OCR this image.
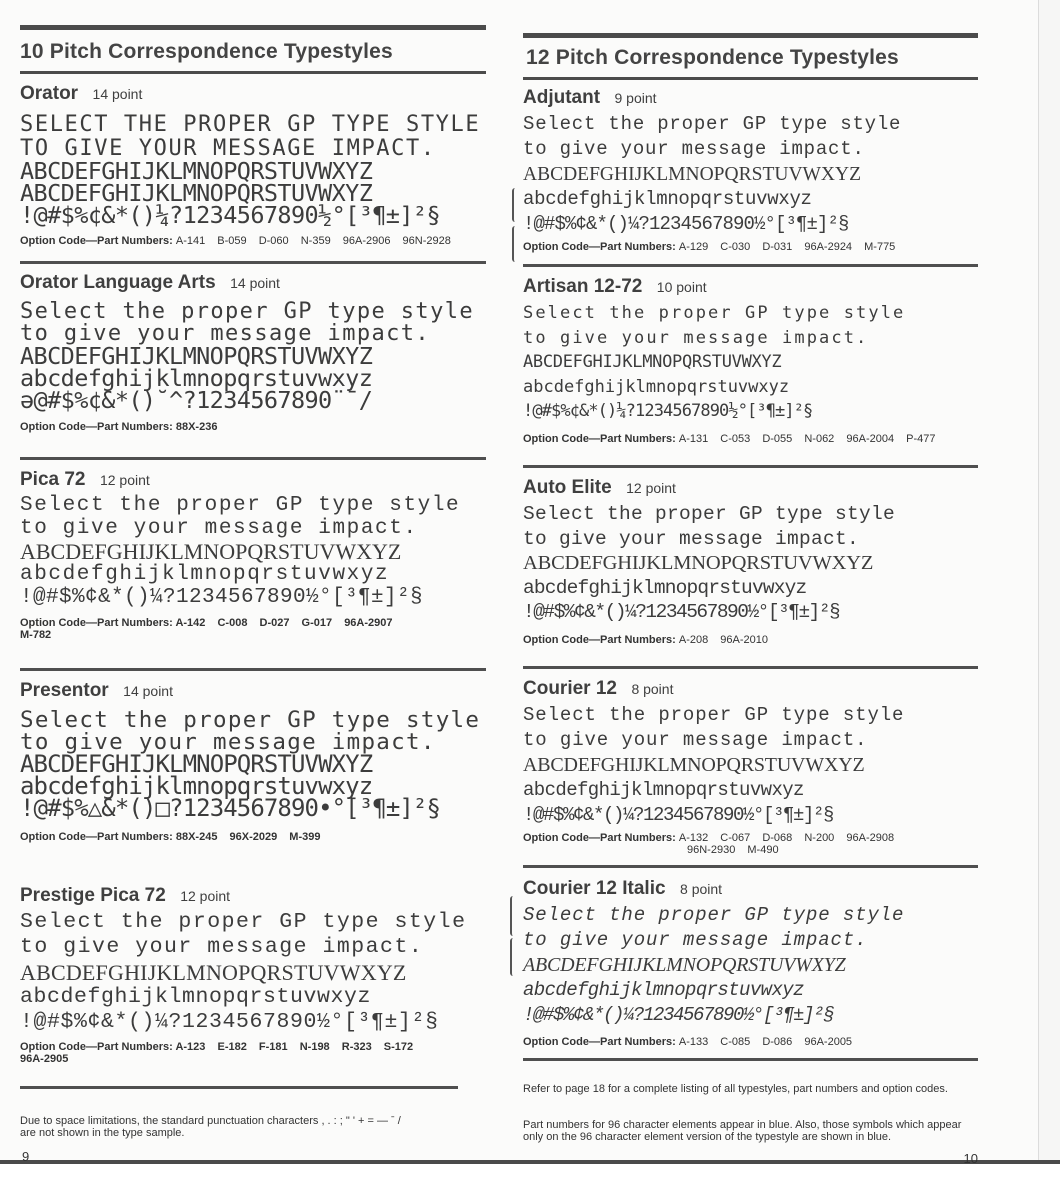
10 Pitch Correspondence Typestyles
Orator 14 point
SELECT THE PROPER GP TYPE STYLE
TO GIVE YOUR MESSAGE IMPACT.
ABCDEFGHIJKLMNOPQRSTUVWXYZ
ABCDEFGHIJKLMNOPQRSTUVWXYZ
!@#$%¢&*()¼?1234567890½°[³¶±]²§
Option Code—Part Numbers: A-141 B-059 D-060 N-359 96A-2906 96N-2928
Orator Language Arts 14 point
Select the proper GP type style
to give your message impact.
ABCDEFGHIJKLMNOPQRSTUVWXYZ
abcdefghijklmnopqrstuvwxyz
ə@#$%¢&*()˘^?1234567890¨¯/
Option Code—Part Numbers: 88X-236
Pica 72 12 point
Select the proper GP type style
to give your message impact.
ABCDEFGHIJKLMNOPQRSTUVWXYZ
abcdefghijklmnopqrstuvwxyz
!@#$%¢&*()¼?1234567890½°[³¶±]²§
Option Code—Part Numbers: A-142 C-008 D-027 G-017 96A-2907
M-782
Presentor 14 point
Select the proper GP type style
to give your message impact.
ABCDEFGHIJKLMNOPQRSTUVWXYZ
abcdefghijklmnopqrstuvwxyz
!@#$%△&*()□?1234567890•°[³¶±]²§
Option Code—Part Numbers: 88X-245 96X-2029 M-399
Prestige Pica 72 12 point
Select the proper GP type style
to give your message impact.
ABCDEFGHIJKLMNOPQRSTUVWXYZ
abcdefghijklmnopqrstuvwxyz
!@#$%¢&*()¼?1234567890½°[³¶±]²§
Option Code—Part Numbers: A-123 E-182 F-181 N-198 R-323 S-172
96A-2905
Due to space limitations, the standard punctuation characters , . : ; " ' + = — ˉ /
are not shown in the type sample.
9
12 Pitch Correspondence Typestyles
Adjutant 9 point
Select the proper GP type style
to give your message impact.
ABCDEFGHIJKLMNOPQRSTUVWXYZ
abcdefghijklmnopqrstuvwxyz
!@#$%¢&*()¼?1234567890½°[³¶±]²§
Option Code—Part Numbers: A-129 C-030 D-031 96A-2924 M-775
Artisan 12-72 10 point
Select the proper GP type style
to give your message impact.
ABCDEFGHIJKLMNOPQRSTUVWXYZ
abcdefghijklmnopqrstuvwxyz
!@#$%¢&*()¼?1234567890½°[³¶±]²§
Option Code—Part Numbers: A-131 C-053 D-055 N-062 96A-2004 P-477
Auto Elite 12 point
Select the proper GP type style
to give your message impact.
ABCDEFGHIJKLMNOPQRSTUVWXYZ
abcdefghijklmnopqrstuvwxyz
!@#$%¢&*()¼?1234567890½°[³¶±]²§
Option Code—Part Numbers: A-208 96A-2010
Courier 12 8 point
Select the proper GP type style
to give your message impact.
ABCDEFGHIJKLMNOPQRSTUVWXYZ
abcdefghijklmnopqrstuvwxyz
!@#$%¢&*()¼?1234567890½°[³¶±]²§
Option Code—Part Numbers: A-132 C-067 D-068 N-200 96A-2908
96N-2930 M-490
Courier 12 Italic 8 point
Select the proper GP type style
to give your message impact.
ABCDEFGHIJKLMNOPQRSTUVWXYZ
abcdefghijklmnopqrstuvwxyz
!@#$%¢&*()¼?1234567890½°[³¶±]²§
Option Code—Part Numbers: A-133 C-085 D-086 96A-2005
Refer to page 18 for a complete listing of all typestyles, part numbers and option codes.
Part numbers for 96 character elements appear in blue. Also, those symbols which appear only on the 96 character element version of the typestyle are shown in blue.
10
